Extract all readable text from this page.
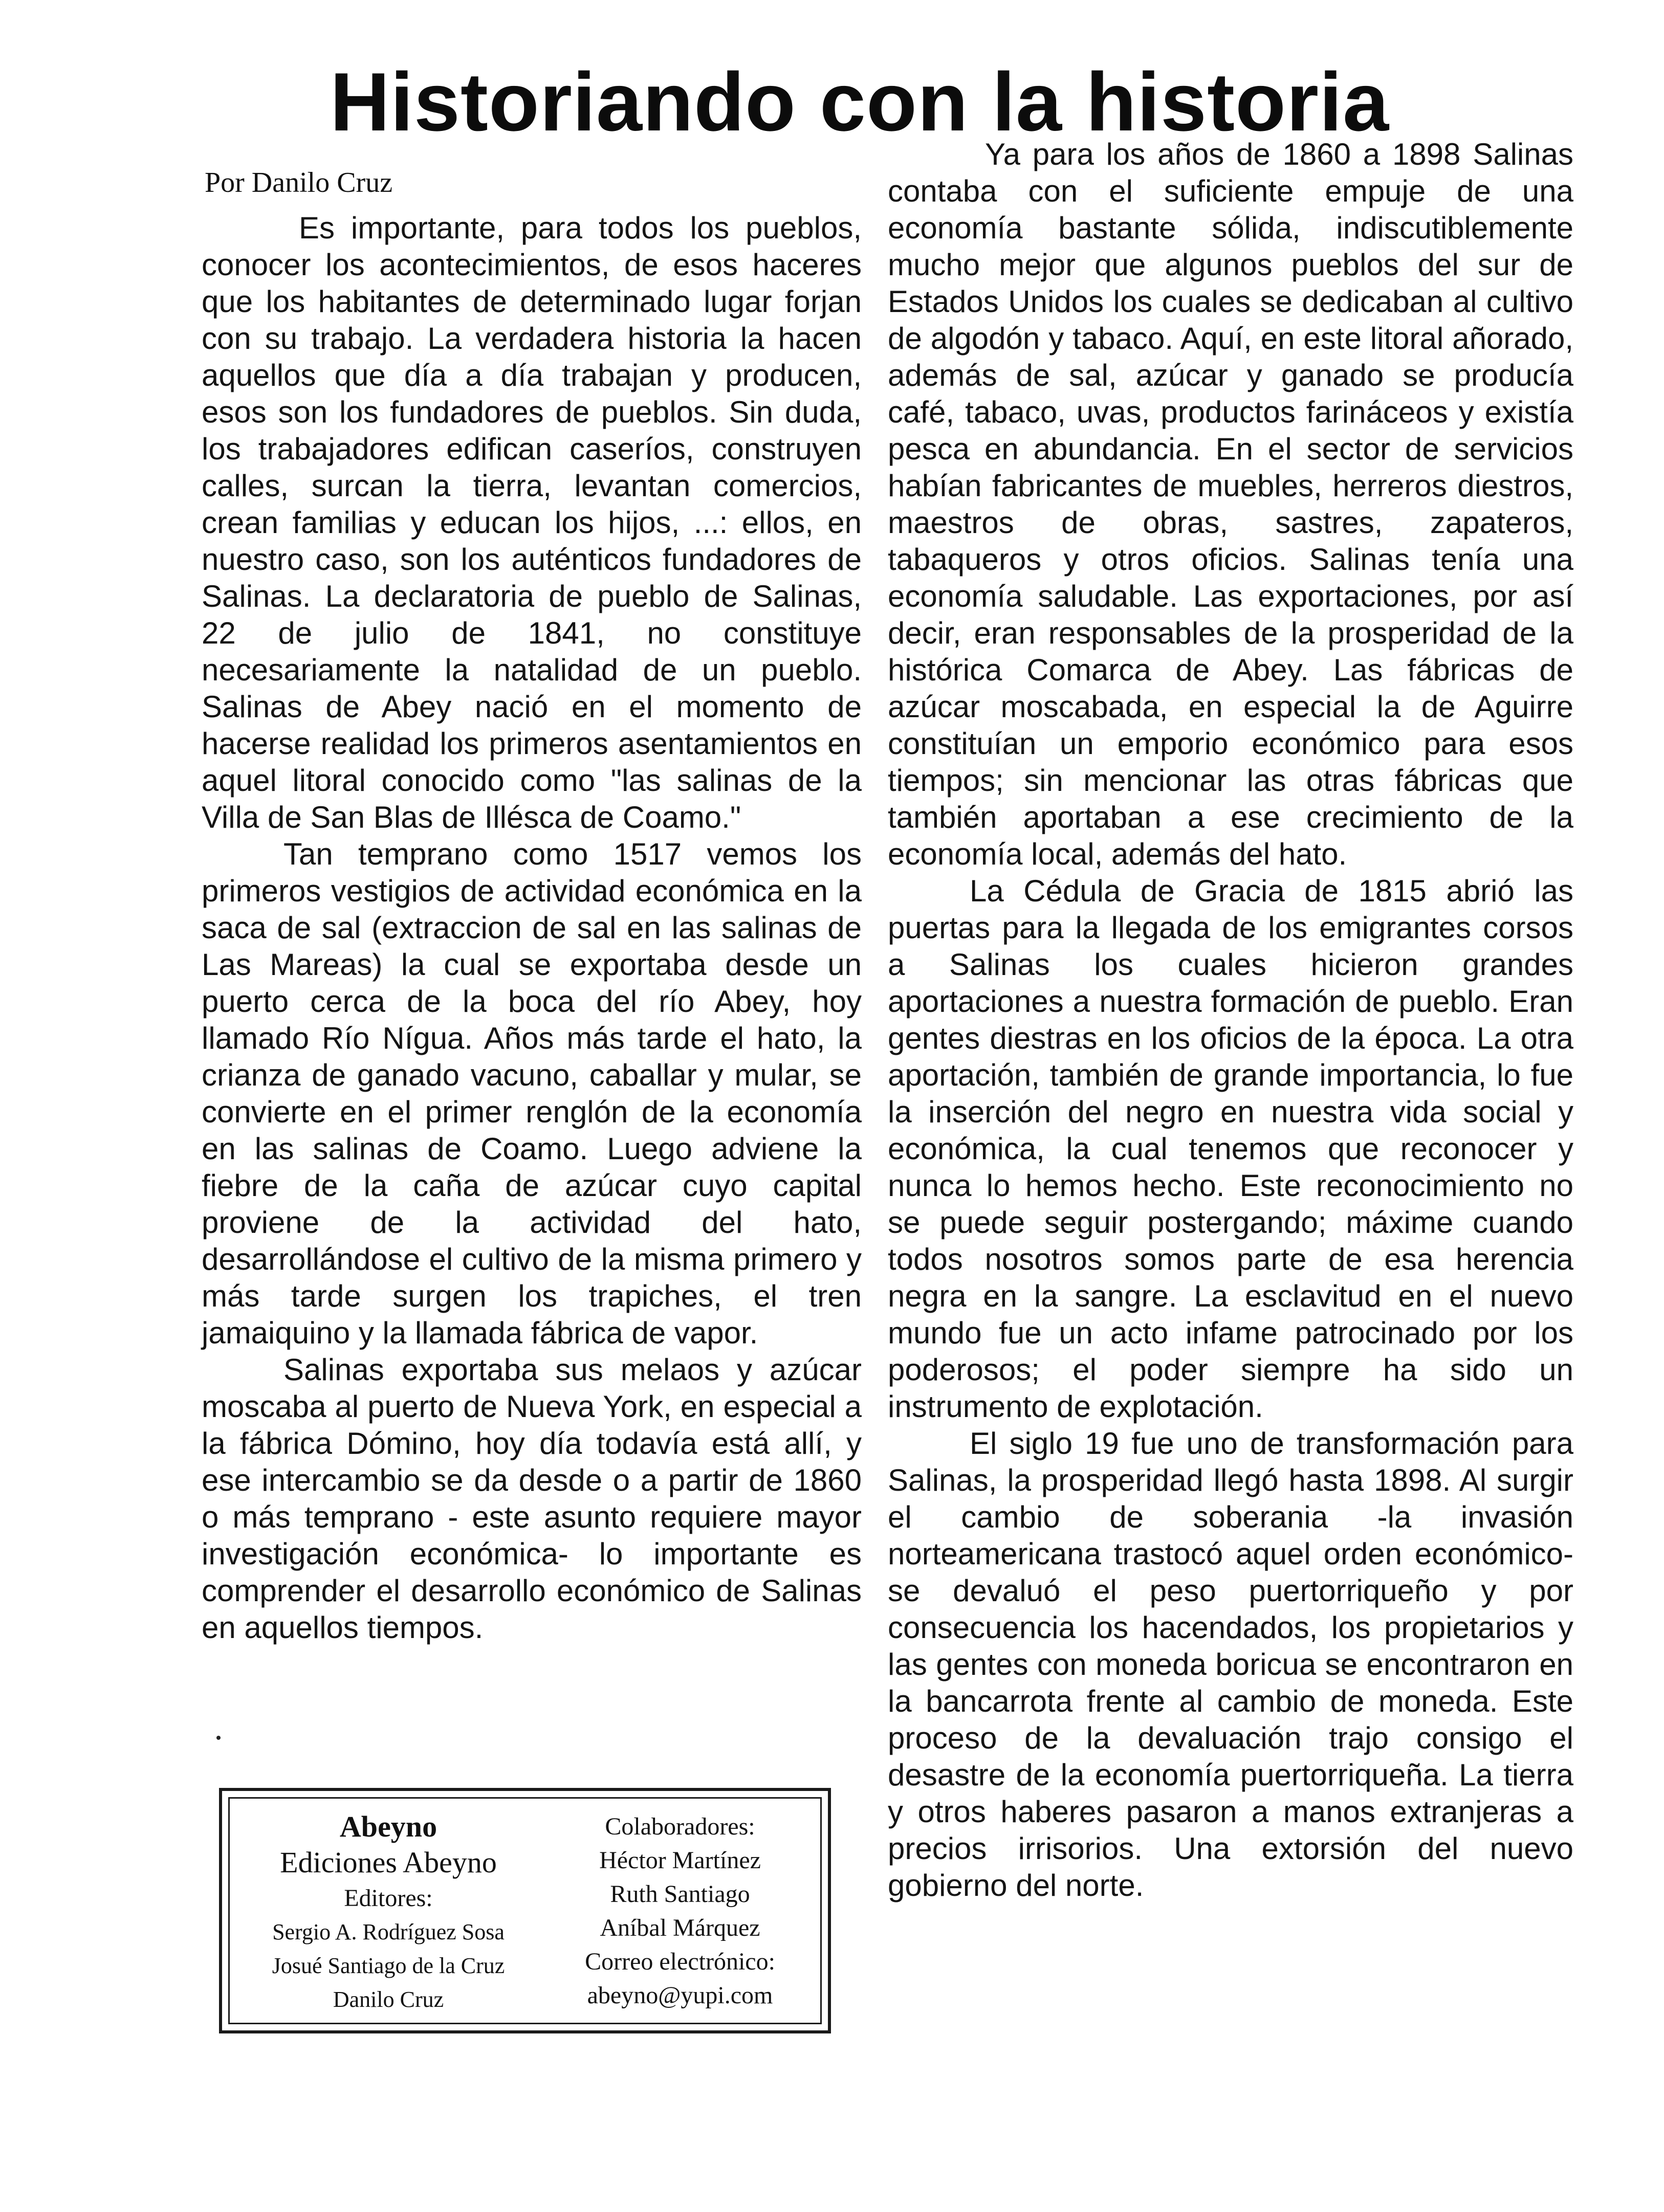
Historiando con la historia
Por Danilo Cruz

Es importante, para todos los pueblos, conocer los acontecimientos, de esos haceres que los habitantes de determinado lugar forjan con su trabajo. La verdadera historia la hacen aquellos que día a día trabajan y producen, esos son los fundadores de pueblos. Sin duda, los trabajadores edifican caseríos, construyen calles, surcan la tierra, levantan comercios, crean familias y educan los hijos, ...: ellos, en nuestro caso, son los auténticos fundadores de Salinas. La declaratoria de pueblo de Salinas, 22 de julio de 1841, no constituye necesariamente la natalidad de un pueblo. Salinas de Abey nació en el momento de hacerse realidad los primeros asentamientos en aquel litoral conocido como "las salinas de la Villa de San Blas de Illésca de Coamo."

Tan temprano como 1517 vemos los primeros vestigios de actividad económica en la saca de sal (extraccion de sal en las salinas de Las Mareas) la cual se exportaba desde un puerto cerca de la boca del río Abey, hoy llamado Río Nígua. Años más tarde el hato, la crianza de ganado vacuno, caballar y mular, se convierte en el primer renglón de la economía en las salinas de Coamo. Luego adviene la fiebre de la caña de azúcar cuyo capital proviene de la actividad del hato, desarrollándose el cultivo de la misma primero y más tarde surgen los trapiches, el tren jamaiquino y la llamada fábrica de vapor.

Salinas exportaba sus melaos y azúcar moscaba al puerto de Nueva York, en especial a la fábrica Dómino, hoy día todavía está allí, y ese intercambio se da desde o a partir de 1860 o más temprano - este asunto requiere mayor investigación económica- lo importante es comprender el desarrollo económico de Salinas en aquellos tiempos.

Ya para los años de 1860 a 1898 Salinas contaba con el suficiente empuje de una economía bastante sólida, indiscutiblemente mucho mejor que algunos pueblos del sur de Estados Unidos los cuales se dedicaban al cultivo de algodón y tabaco. Aquí, en este litoral añorado, además de sal, azúcar y ganado se producía café, tabaco, uvas, productos farináceos y existía pesca en abundancia. En el sector de servicios habían fabricantes de muebles, herreros diestros, maestros de obras, sastres, zapateros, tabaqueros y otros oficios. Salinas tenía una economía saludable. Las exportaciones, por así decir, eran responsables de la prosperidad de la histórica Comarca de Abey. Las fábricas de azúcar moscabada, en especial la de Aguirre constituían un emporio económico para esos tiempos; sin mencionar las otras fábricas que también aportaban a ese crecimiento de la economía local, además del hato.

La Cédula de Gracia de 1815 abrió las puertas para la llegada de los emigrantes corsos a Salinas los cuales hicieron grandes aportaciones a nuestra formación de pueblo. Eran gentes diestras en los oficios de la época. La otra aportación, también de grande importancia, lo fue la inserción del negro en nuestra vida social y económica, la cual tenemos que reconocer y nunca lo hemos hecho. Este reconocimiento no se puede seguir postergando; máxime cuando todos nosotros somos parte de esa herencia negra en la sangre. La esclavitud en el nuevo mundo fue un acto infame patrocinado por los poderosos; el poder siempre ha sido un instrumento de explotación.

El siglo 19 fue uno de transformación para Salinas, la prosperidad llegó hasta 1898. Al surgir el cambio de soberania -la invasión norteamericana trastocó aquel orden económico-se devaluó el peso puertorriqueño y por consecuencia los hacendados, los propietarios y las gentes con moneda boricua se encontraron en la bancarrota frente al cambio de moneda. Este proceso de la devaluación trajo consigo el desastre de la economía puertorriqueña. La tierra y otros haberes pasaron a manos extranjeras a precios irrisorios. Una extorsión del nuevo gobierno del norte.

Abeyno
Ediciones Abeyno
Editores:
Sergio A. Rodríguez Sosa
Josué Santiago de la Cruz
Danilo Cruz
Colaboradores:
Héctor Martínez
Ruth Santiago
Aníbal Márquez
Correo electrónico:
abeyno@yupi.com
